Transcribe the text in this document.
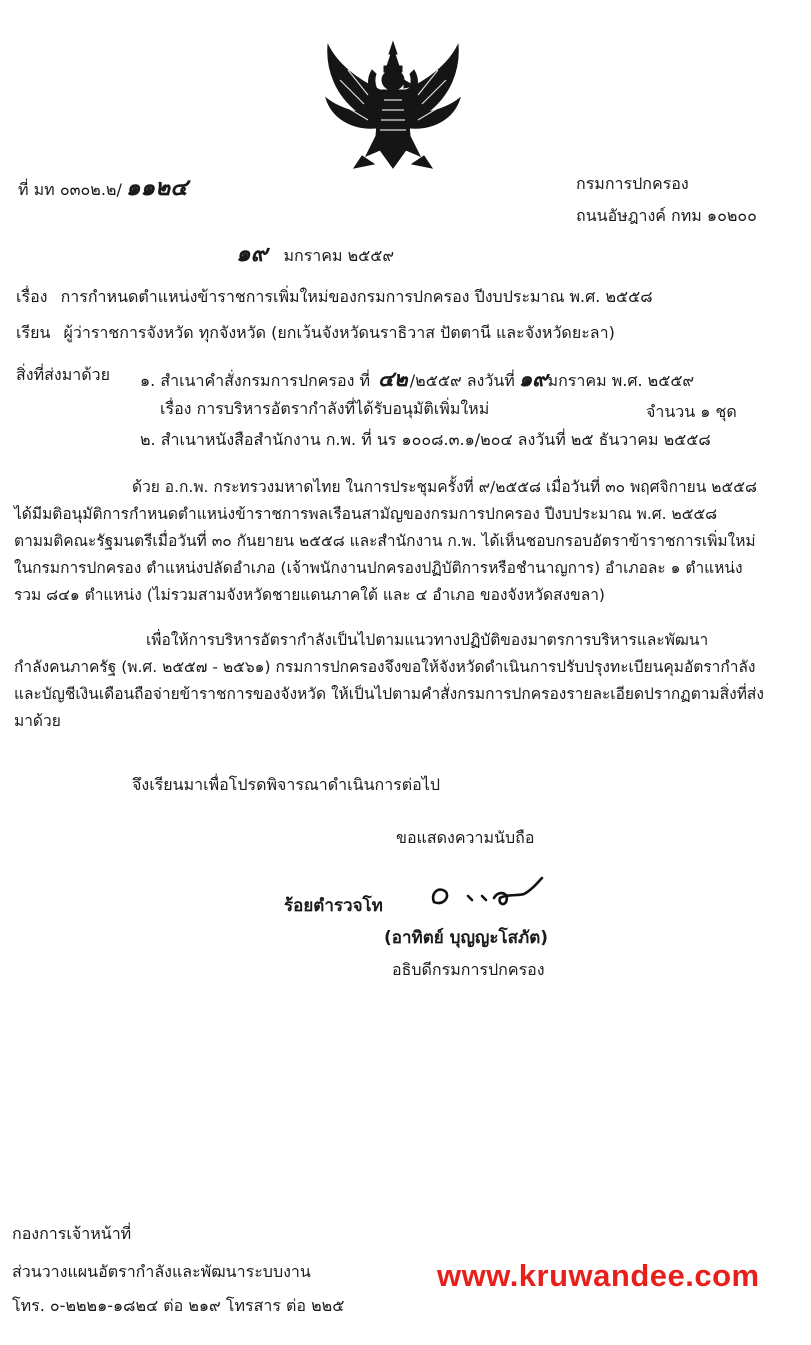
ที่ มท ๐๓๐๒.๒/ ๑๑๒๔	กรมการปกครอง
ถนนอัษฎางค์ กทม ๑๐๒๐๐
๑๙ มกราคม ๒๕๕๙
เรื่อง การกำหนดตำแหน่งข้าราชการเพิ่มใหม่ของกรมการปกครอง ปีงบประมาณ พ.ศ. ๒๕๕๘
เรียน ผู้ว่าราชการจังหวัด ทุกจังหวัด (ยกเว้นจังหวัดนราธิวาส ปัตตานี และจังหวัดยะลา)
สิ่งที่ส่งมาด้วย ๑. สำเนาคำสั่งกรมการปกครอง ที่ ๔๒ /๒๕๕๙ ลงวันที่ ๑๙มกราคม พ.ศ. ๒๕๕๙
เรื่อง การบริหารอัตรากำลังที่ได้รับอนุมัติเพิ่มใหม่	จำนวน ๑ ชุด
๒. สำเนาหนังสือสำนักงาน ก.พ. ที่ นร ๑๐๐๘.๓.๑/๒๐๔ ลงวันที่ ๒๕ ธันวาคม ๒๕๕๘

ด้วย อ.ก.พ. กระทรวงมหาดไทย ในการประชุมครั้งที่ ๙/๒๕๕๘ เมื่อวันที่ ๓๐ พฤศจิกายน ๒๕๕๘

ได้มีมติอนุมัติการกำหนดตำแหน่งข้าราชการพลเรือนสามัญของกรมการปกครอง ปีงบประมาณ พ.ศ. ๒๕๕๘

ตามมติคณะรัฐมนตรีเมื่อวันที่ ๓๐ กันยายน ๒๕๕๘ และสำนักงาน ก.พ. ได้เห็นชอบกรอบอัตราข้าราชการเพิ่มใหม่

ในกรมการปกครอง ตำแหน่งปลัดอำเภอ (เจ้าพนักงานปกครองปฏิบัติการหรือชำนาญการ) อำเภอละ ๑ ตำแหน่ง

รวม ๘๔๑ ตำแหน่ง (ไม่รวมสามจังหวัดชายแดนภาคใต้ และ ๔ อำเภอ ของจังหวัดสงขลา)

เพื่อให้การบริหารอัตรากำลังเป็นไปตามแนวทางปฏิบัติของมาตรการบริหารและพัฒนา

กำลังคนภาครัฐ (พ.ศ. ๒๕๕๗ - ๒๕๖๑) กรมการปกครองจึงขอให้จังหวัดดำเนินการปรับปรุงทะเบียนคุมอัตรากำลัง

และบัญชีเงินเดือนถือจ่ายข้าราชการของจังหวัด ให้เป็นไปตามคำสั่งกรมการปกครองรายละเอียดปรากฏตามสิ่งที่ส่ง

มาด้วย

จึงเรียนมาเพื่อโปรดพิจารณาดำเนินการต่อไป
ขอแสดงความนับถือ
ร้อยตำรวจโท
(อาทิตย์ บุญญะโสภัต)
อธิบดีกรมการปกครอง
กองการเจ้าหน้าที่
ส่วนวางแผนอัตรากำลังและพัฒนาระบบงาน
โทร. ๐-๒๒๒๑-๑๘๒๔ ต่อ ๒๑๙ โทรสาร ต่อ ๒๒๕
www.kruwandee.com
